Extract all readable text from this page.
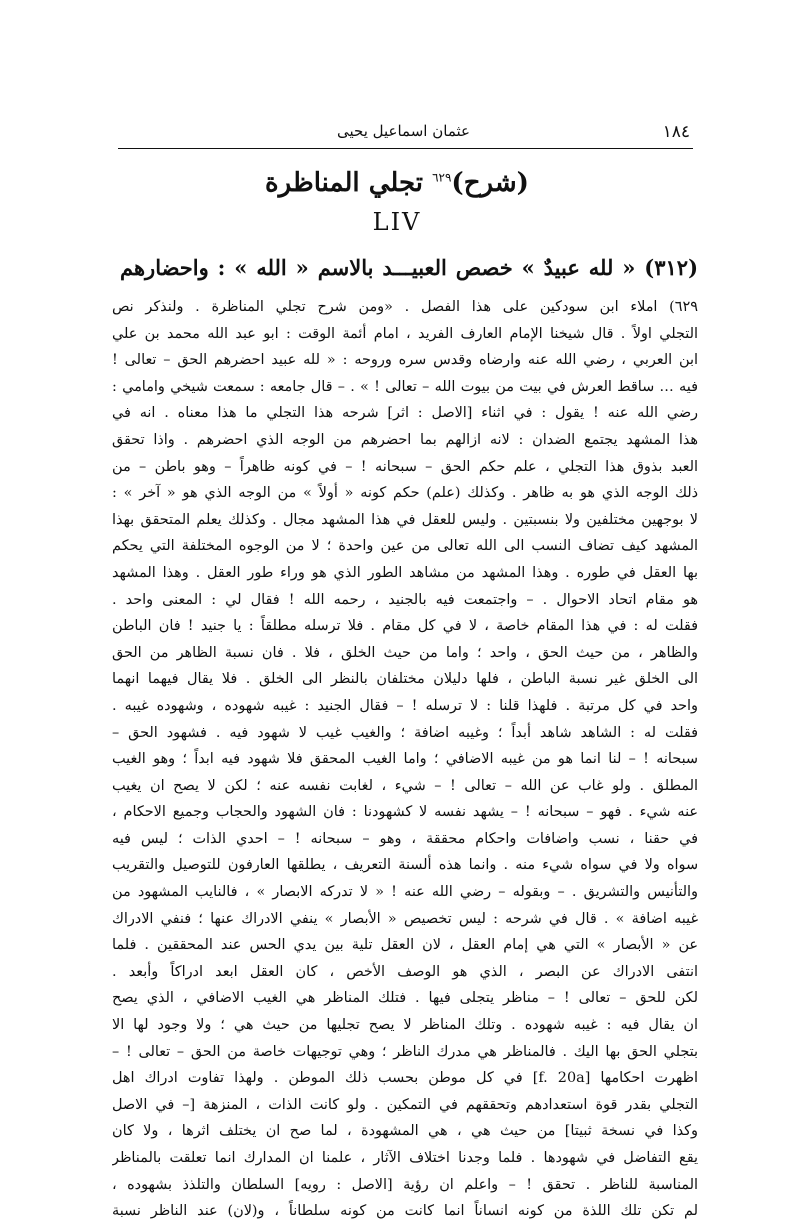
١٨٤
عثمان اسماعيل يحيى
(شرح)$^{٦٢٩}$ تجلي المناظرة
LIV
(٣١٢) « لله عبيدٌ » خصص العبيـــد بالاسم « الله » : واحضارهم
٦٢٩) املاء ابن سودكين على هذا الفصل . «ومن شرح تجلي المناظرة . ولنذكر نص
التجلي اولاً . قال شيخنا الإمام العارف الفريد ، امام أئمة الوقت : ابو عبد الله محمد بن علي
ابن العربي ، رضي الله عنه وارضاه وقدس سره وروحه : « لله عبيد احضرهم الحق – تعالى !
فيه … ساقط العرش في بيت من بيوت الله – تعالى ! » . – قال جامعه : سمعت شيخي وامامي :
رضي الله عنه ! يقول : في اثناء [الاصل : اثر] شرحه هذا التجلي ما هذا معناه . انه في
هذا المشهد يجتمع الضدان : لانه ازالهم بما احضرهم من الوجه الذي احضرهم . واذا تحقق
العبد بذوق هذا التجلي ، علم حكم الحق – سبحانه ! – في كونه ظاهراً – وهو باطن – من
ذلك الوجه الذي هو به ظاهر . وكذلك (علم) حكم كونه « أولاً » من الوجه الذي هو « آخر » :
لا بوجهين مختلفين ولا بنسبتين . وليس للعقل في هذا المشهد مجال . وكذلك يعلم المتحقق بهذا
المشهد كيف تضاف النسب الى الله تعالى من عين واحدة ؛ لا من الوجوه المختلفة التي يحكم
بها العقل في طوره . وهذا المشهد من مشاهد الطور الذي هو وراء طور العقل . وهذا المشهد
هو مقام اتحاد الاحوال . – واجتمعت فيه بالجنيد ، رحمه الله ! فقال لي : المعنى واحد .
فقلت له : في هذا المقام خاصة ، لا في كل مقام . فلا ترسله مطلقاً : يا جنيد ! فان الباطن
والظاهر ، من حيث الحق ، واحد ؛ واما من حيث الخلق ، فلا . فان نسبة الظاهر من الحق
الى الخلق غير نسبة الباطن ، فلها دليلان مختلفان بالنظر الى الخلق . فلا يقال فيهما انهما
واحد في كل مرتبة . فلهذا قلنا : لا ترسله ! – فقال الجنيد : غيبه شهوده ، وشهوده غيبه .
فقلت له : الشاهد شاهد أبداً ؛ وغيبه اضافة ؛ والغيب غيب لا شهود فيه . فشهود الحق –
سبحانه ! – لنا انما هو من غيبه الاضافي ؛ واما الغيب المحقق فلا شهود فيه ابداً ؛ وهو الغيب
المطلق . ولو غاب عن الله – تعالى ! – شيء ، لغابت نفسه عنه ؛ لكن لا يصح ان يغيب
عنه شيء . فهو – سبحانه ! – يشهد نفسه لا كشهودنا : فان الشهود والحجاب وجميع الاحكام ،
في حقنا ، نسب واضافات واحكام محققة ، وهو – سبحانه ! – احدي الذات ؛ ليس فيه
سواه ولا في سواه شيء منه . وانما هذه ألسنة التعريف ، يطلقها العارفون للتوصيل والتقريب
والتأنيس والتشريق . – وبقوله – رضي الله عنه ! « لا تدركه الابصار » ، فالنايب المشهود من
غيبه اضافة » . قال في شرحه : ليس تخصيص « الأبصار » ينفي الادراك عنها ؛ فنفي الادراك
عن « الأبصار » التي هي إمام العقل ، لان العقل تلية بين يدي الحس عند المحققين . فلما
انتفى الادراك عن البصر ، الذي هو الوصف الأخص ، كان العقل ابعد ادراكاً وأبعد .
لكن للحق – تعالى ! – مناظر يتجلى فيها . فتلك المناظر هي الغيب الاضافي ، الذي يصح
ان يقال فيه : غيبه شهوده . وتلك المناظر لا يصح تجليها من حيث هي ؛ ولا وجود لها الا
بتجلي الحق بها اليك . فالمناظر هي مدرك الناظر ؛ وهي توجيهات خاصة من الحق – تعالى ! –
اظهرت احكامها [f. 20a] في كل موطن بحسب ذلك الموطن . ولهذا تفاوت ادراك اهل
التجلي بقدر قوة استعدادهم وتحققهم في التمكين . ولو كانت الذات ، المنزهة [– في الاصل
وكذا في نسخة ثبيتا] من حيث هي ، هي المشهودة ، لما صح ان يختلف اثرها ، ولا كان
يقع التفاضل في شهودها . فلما وجدنا اختلاف الآثار ، علمنا ان المدارك انما تعلقت بالمناظر
المناسبة للناظر . تحقق ! – واعلم ان رؤية [الاصل : رويه] السلطان والتلذذ بشهوده ،
لم تكن تلك اللذة من كونه انساناً انما كانت من كونه سلطاناً ، و(لان) عند الناظر نسبة
